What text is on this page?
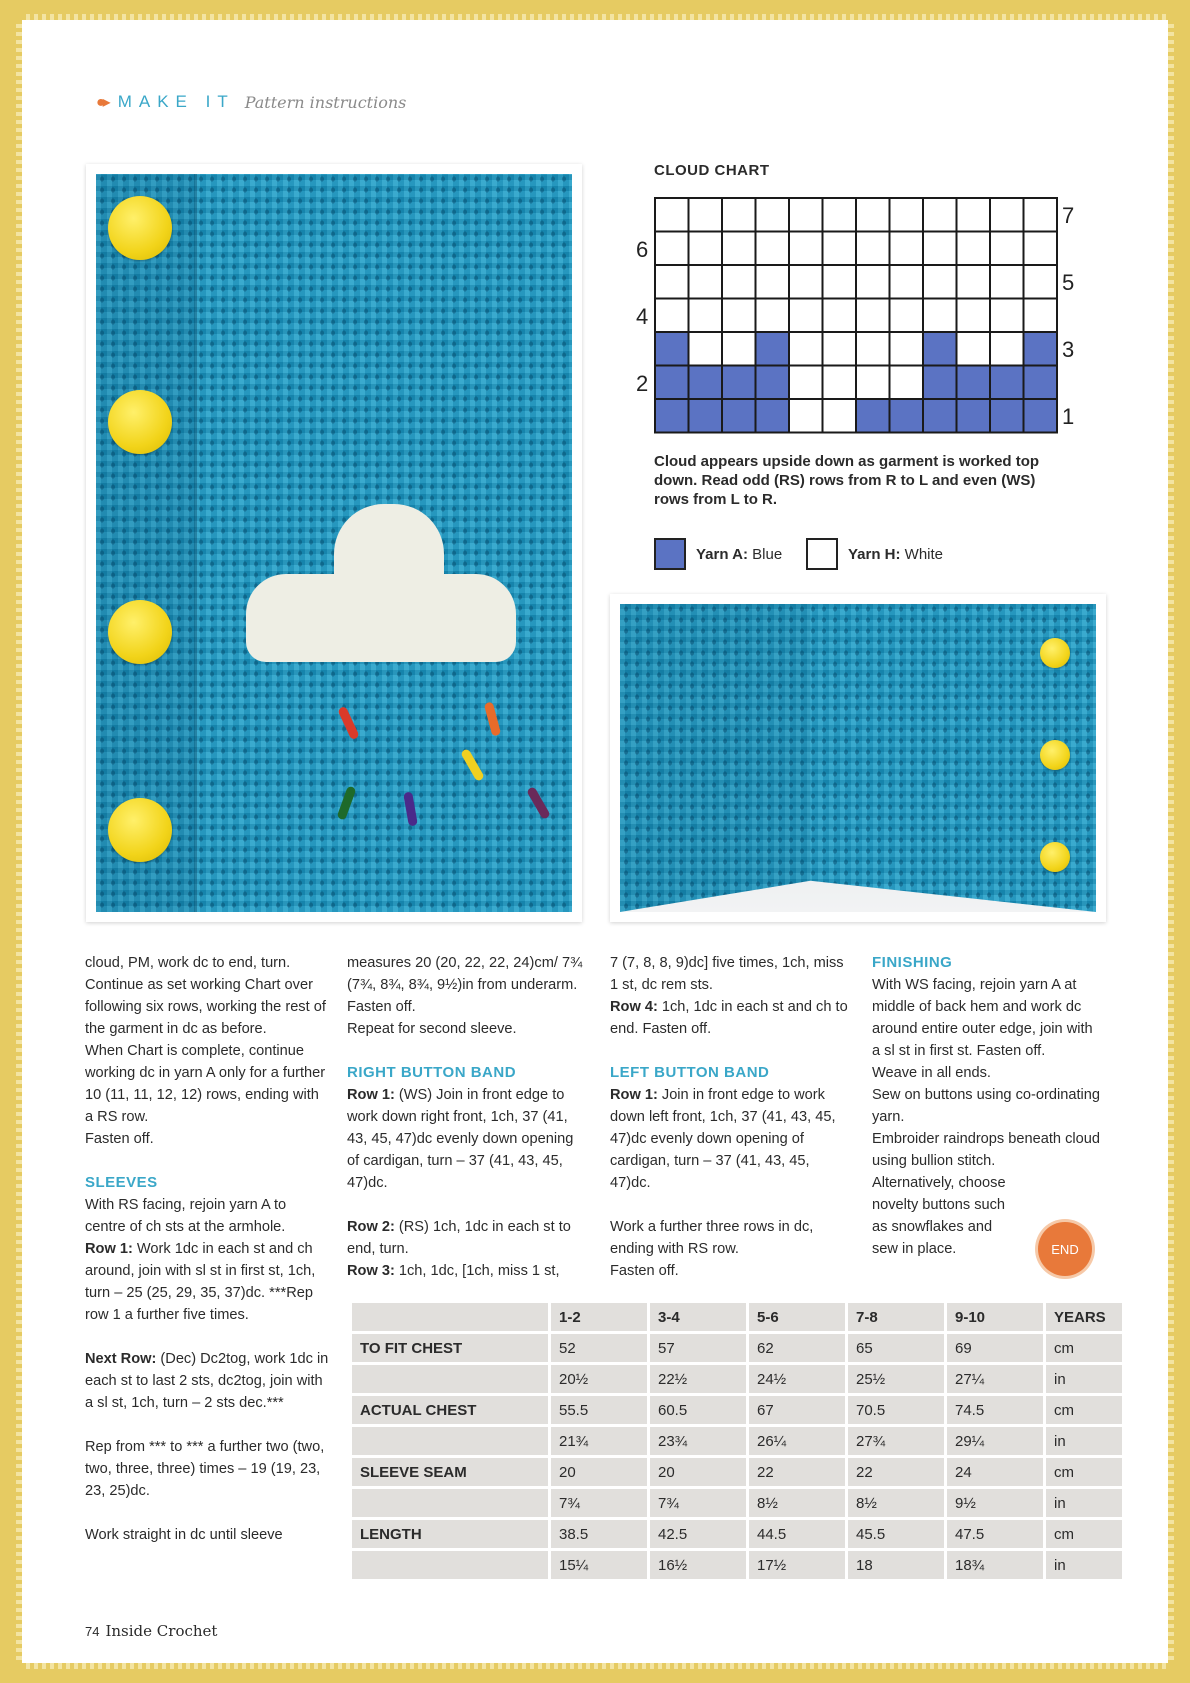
●▸ MAKE IT Pattern instructions
CLOUD CHART
7
5
3
1
6
4
2
Cloud appears upside down as garment is worked top down. Read odd (RS) rows from R to L and even (WS) rows from L to R.
Yarn A: Blue	Yarn H: White

cloud, PM, work dc to end, turn.

Continue as set working Chart over following six rows, working the rest of the garment in dc as before.

When Chart is complete, continue working dc in yarn A only for a further 10 (11, 11, 12, 12) rows, ending with a RS row.

Fasten off.

SLEEVES

With RS facing, rejoin yarn A to centre of ch sts at the armhole.

Row 1: Work 1dc in each st and ch around, join with sl st in first st, 1ch, turn – 25 (25, 29, 35, 37)dc. ***Rep row 1 a further five times.

Next Row: (Dec) Dc2tog, work 1dc in each st to last 2 sts, dc2tog, join with a sl st, 1ch, turn – 2 sts dec.***

Rep from *** to *** a further two (two, two, three, three) times – 19 (19, 23, 23, 25)dc.

Work straight in dc until sleeve

measures 20 (20, 22, 22, 24)cm/ 7¾ (7¾, 8¾, 8¾, 9½)in from underarm. Fasten off.

Repeat for second sleeve.

RIGHT BUTTON BAND

Row 1: (WS) Join in front edge to work down right front, 1ch, 37 (41, 43, 45, 47)dc evenly down opening of cardigan, turn – 37 (41, 43, 45, 47)dc.

Row 2: (RS) 1ch, 1dc in each st to end, turn.

Row 3: 1ch, 1dc, [1ch, miss 1 st,

7 (7, 8, 8, 9)dc] five times, 1ch, miss 1 st, dc rem sts.

Row 4: 1ch, 1dc in each st and ch to end. Fasten off.

LEFT BUTTON BAND

Row 1: Join in front edge to work down left front, 1ch, 37 (41, 43, 45, 47)dc evenly down opening of cardigan, turn – 37 (41, 43, 45, 47)dc.

Work a further three rows in dc, ending with RS row.

Fasten off.

FINISHING

With WS facing, rejoin yarn A at middle of back hem and work dc around entire outer edge, join with a sl st in first st. Fasten off.

Weave in all ends.

Sew on buttons using co-ordinating yarn.

Embroider raindrops beneath cloud using bullion stitch.

Alternatively, choose novelty buttons such as snowflakes and sew in place.	END
	1-2	3-4	5-6	7-8	9-10	YEARS
TO FIT CHEST	52	57	62	65	69	cm
	20½	22½	24½	25½	27¼	in
ACTUAL CHEST	55.5	60.5	67	70.5	74.5	cm
	21¾	23¾	26¼	27¾	29¼	in
SLEEVE SEAM	20	20	22	22	24	cm
	7¾	7¾	8½	8½	9½	in
LENGTH	38.5	42.5	44.5	45.5	47.5	cm
	15¼	16½	17½	18	18¾	in
74 Inside Crochet
